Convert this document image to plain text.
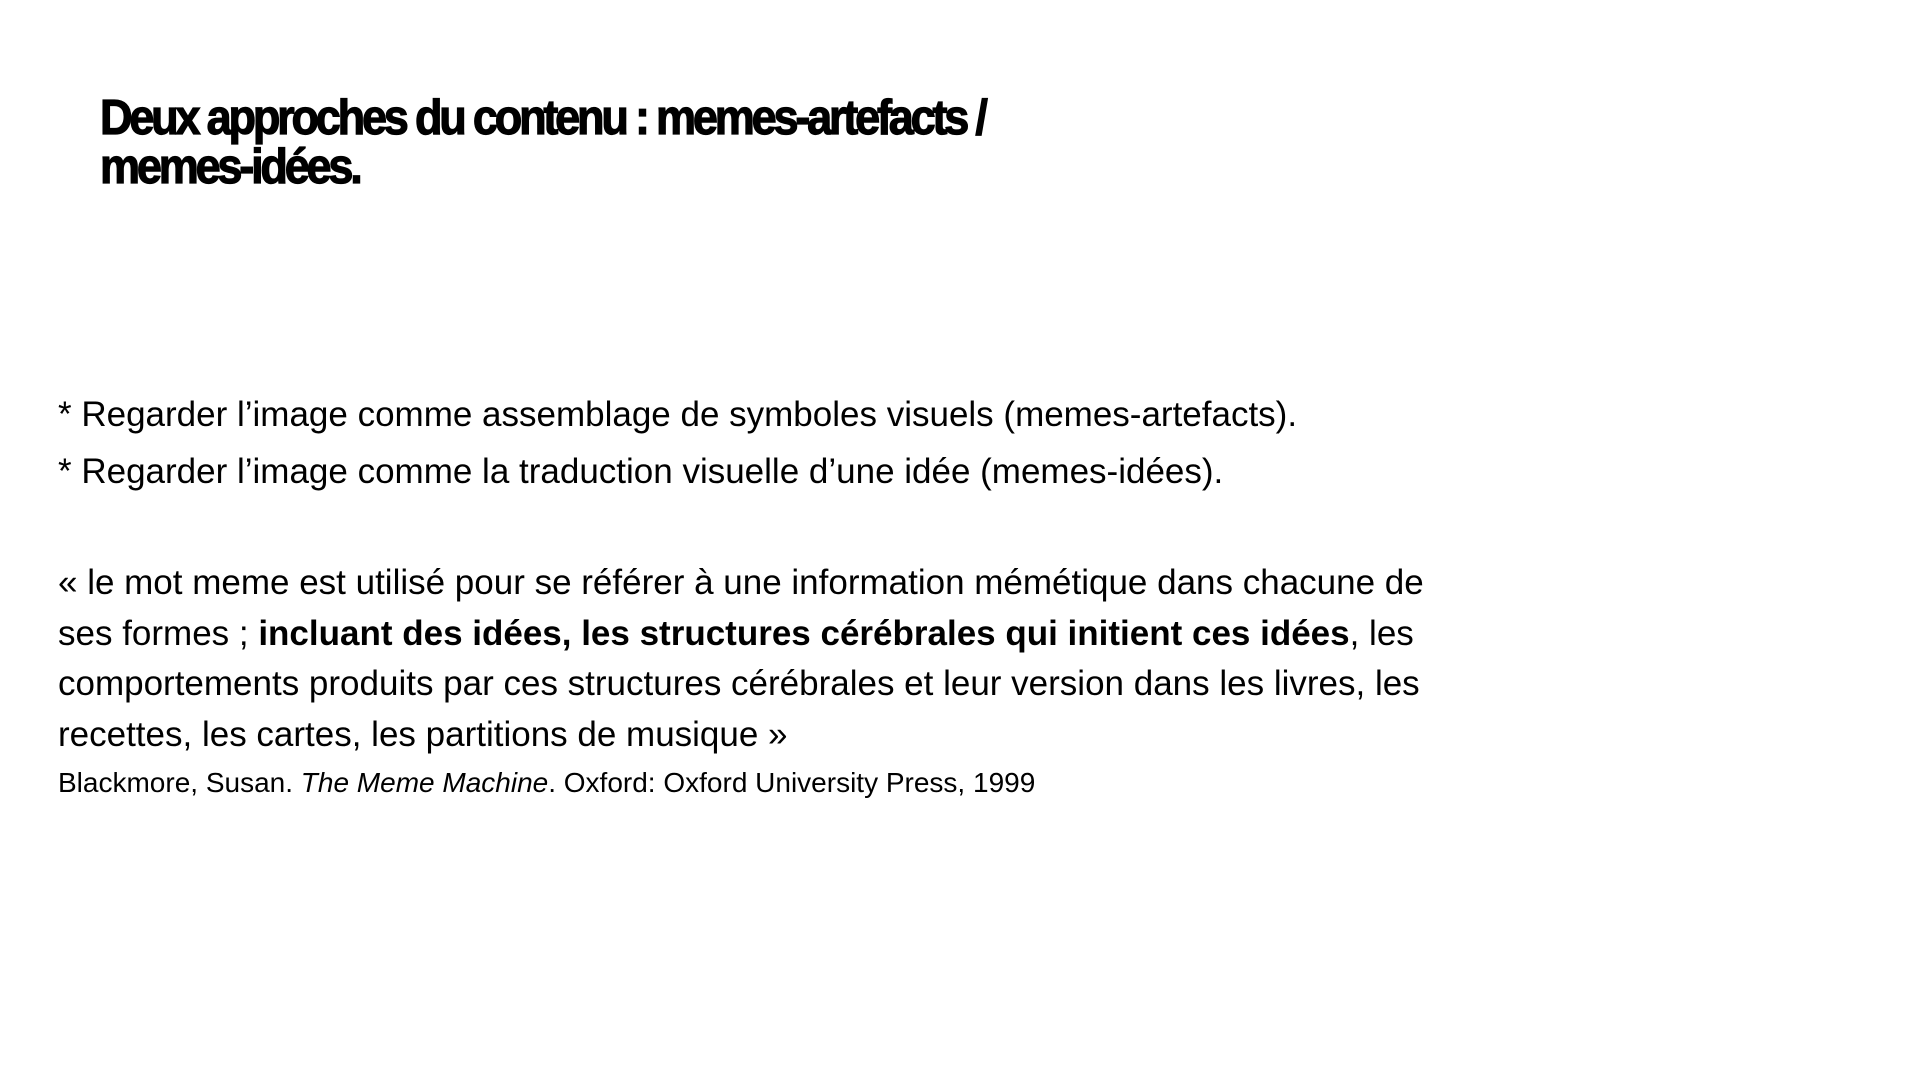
Deux approches du contenu : memes-artefacts / memes-idées.
* Regarder l’image comme assemblage de symboles visuels (memes-artefacts).
* Regarder l’image comme la traduction visuelle d’une idée (memes-idées).

« le mot meme est utilisé pour se référer à une information mémétique dans chacune de ses formes ; incluant des idées, les structures cérébrales qui initient ces idées, les comportements produits par ces structures cérébrales et leur version dans les livres, les recettes, les cartes, les partitions de musique »

Blackmore, Susan. The Meme Machine. Oxford: Oxford University Press, 1999
